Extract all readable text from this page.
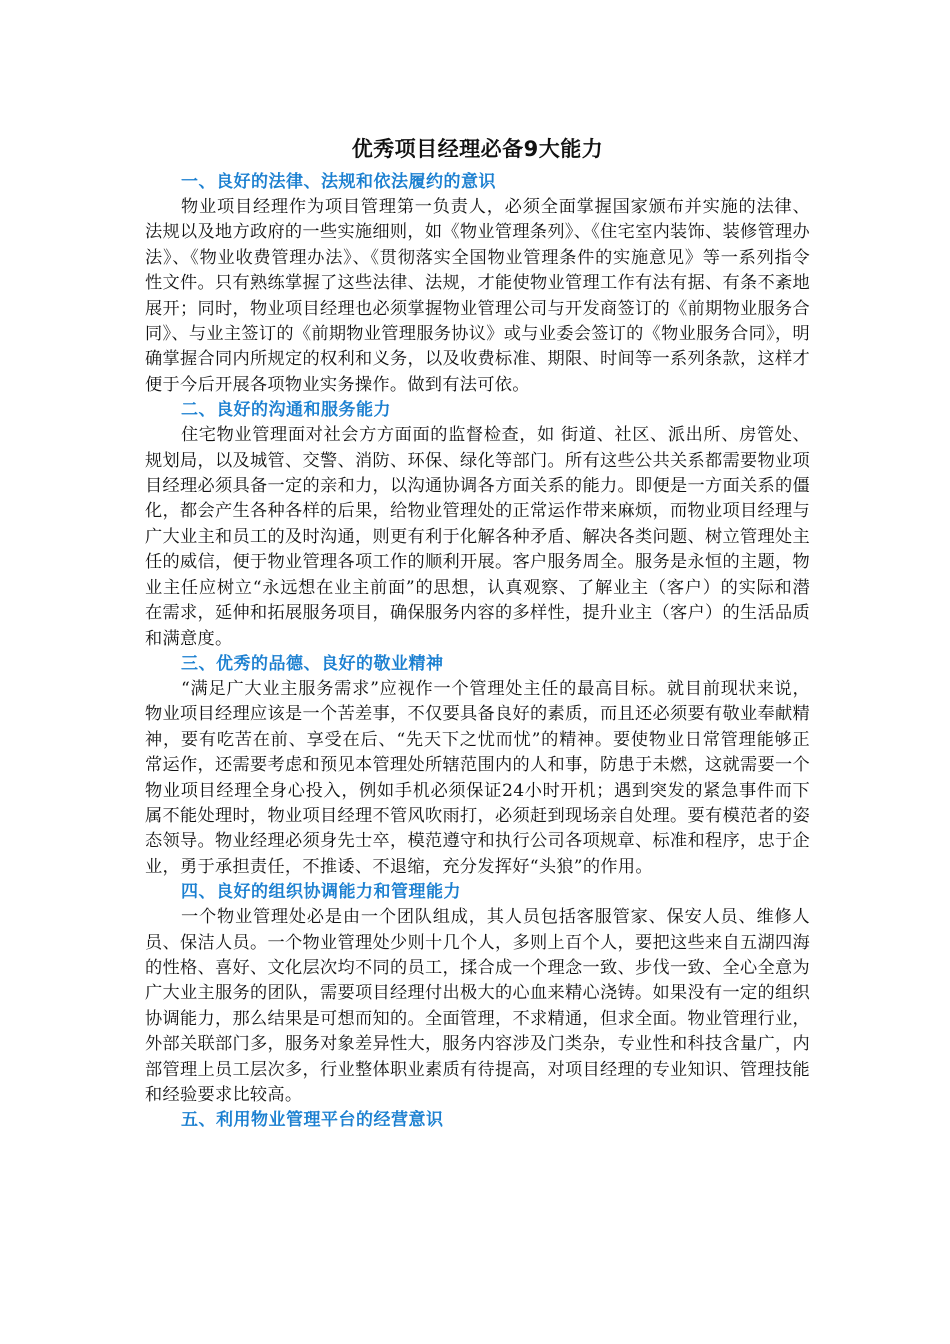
优秀项目经理必备9大能力

一、良好的法律、法规和依法履约的意识

物业项目经理作为项目管理第一负责人，必须全面掌握国家颁布并实施的法律、法规以及地方政府的一些实施细则，如《物业管理条列》、《住宅室内装饰、装修管理办法》、《物业收费管理办法》、《贯彻落实全国物业管理条件的实施意见》等一系列指令性文件。只有熟练掌握了这些法律、法规，才能使物业管理工作有法有据、有条不紊地展开；同时，物业项目经理也必须掌握物业管理公司与开发商签订的《前期物业服务合同》、与业主签订的《前期物业管理服务协议》或与业委会签订的《物业服务合同》，明确掌握合同内所规定的权利和义务，以及收费标准、期限、时间等一系列条款，这样才便于今后开展各项物业实务操作。做到有法可依。

二、良好的沟通和服务能力

住宅物业管理面对社会方方面面的监督检查，如 街道、社区、派出所、房管处、规划局，以及城管、交警、消防、环保、绿化等部门。所有这些公共关系都需要物业项目经理必须具备一定的亲和力，以沟通协调各方面关系的能力。即便是一方面关系的僵化，都会产生各种各样的后果，给物业管理处的正常运作带来麻烦，而物业项目经理与广大业主和员工的及时沟通，则更有利于化解各种矛盾、解决各类问题、树立管理处主任的威信，便于物业管理各项工作的顺利开展。客户服务周全。服务是永恒的主题，物业主任应树立“永远想在业主前面”的思想，认真观察、了解业主（客户）的实际和潜在需求，延伸和拓展服务项目，确保服务内容的多样性，提升业主（客户）的生活品质和满意度。

三、优秀的品德、良好的敬业精神

“满足广大业主服务需求”应视作一个管理处主任的最高目标。就目前现状来说，物业项目经理应该是一个苦差事，不仅要具备良好的素质，而且还必须要有敬业奉献精神，要有吃苦在前、享受在后、“先天下之忧而忧”的精神。要使物业日常管理能够正常运作，还需要考虑和预见本管理处所辖范围内的人和事，防患于未燃，这就需要一个物业项目经理全身心投入，例如手机必须保证24小时开机；遇到突发的紧急事件而下属不能处理时，物业项目经理不管风吹雨打，必须赶到现场亲自处理。要有模范者的姿态领导。物业经理必须身先士卒，模范遵守和执行公司各项规章、标准和程序，忠于企业，勇于承担责任，不推诿、不退缩，充分发挥好“头狼”的作用。

四、良好的组织协调能力和管理能力

一个物业管理处必是由一个团队组成，其人员包括客服管家、保安人员、维修人员、保洁人员。一个物业管理处少则十几个人，多则上百个人，要把这些来自五湖四海的性格、喜好、文化层次均不同的员工，揉合成一个理念一致、步伐一致、全心全意为广大业主服务的团队，需要项目经理付出极大的心血来精心浇铸。如果没有一定的组织协调能力，那么结果是可想而知的。全面管理，不求精通，但求全面。物业管理行业，外部关联部门多，服务对象差异性大，服务内容涉及门类杂，专业性和科技含量广，内部管理上员工层次多，行业整体职业素质有待提高，对项目经理的专业知识、管理技能和经验要求比较高。

五、利用物业管理平台的经营意识
